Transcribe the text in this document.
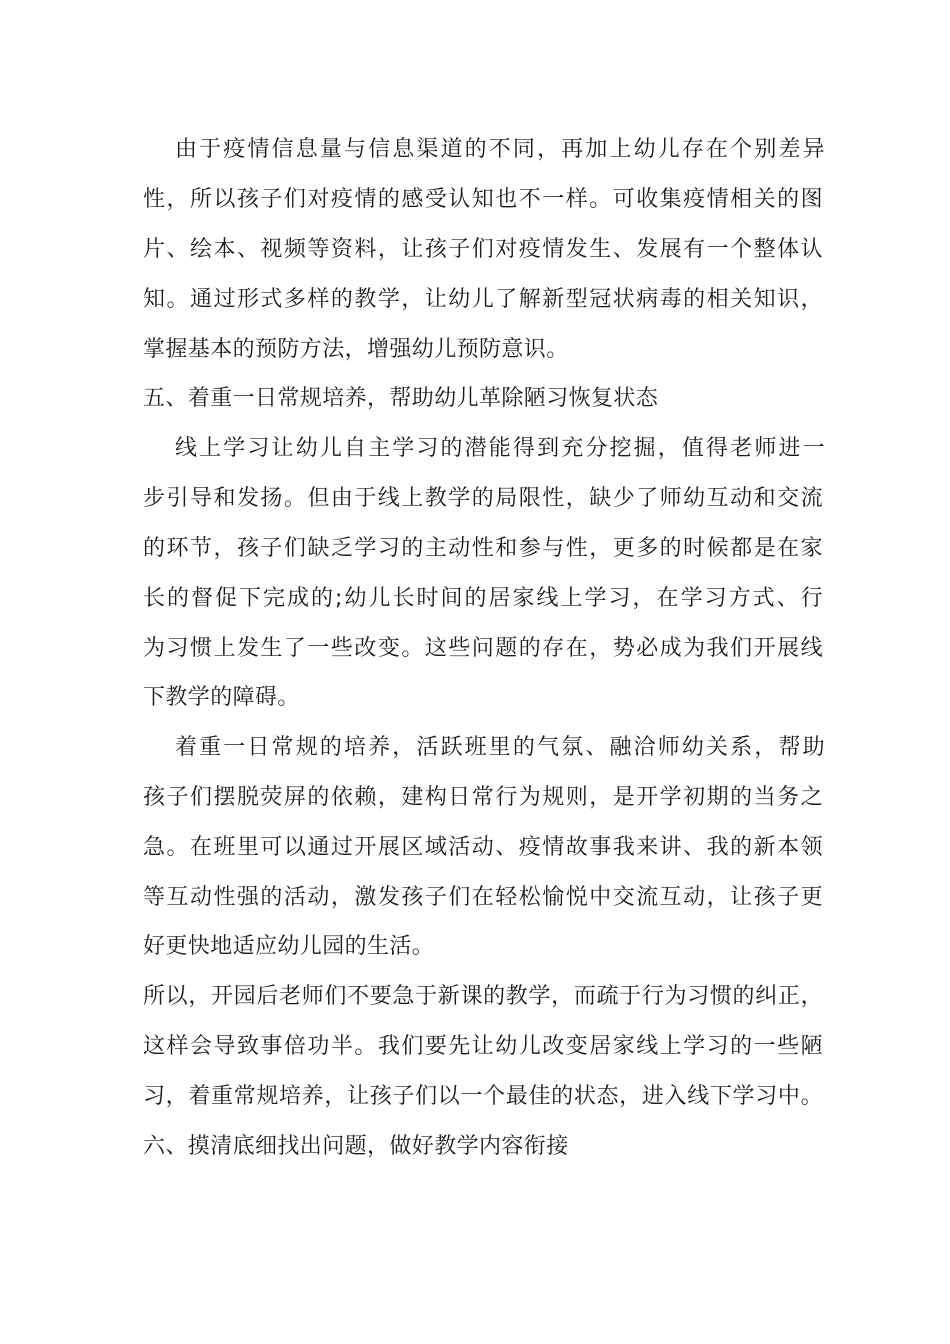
由于疫情信息量与信息渠道的不同，再加上幼儿存在个别差异
性，所以孩子们对疫情的感受认知也不一样。可收集疫情相关的图
片、绘本、视频等资料，让孩子们对疫情发生、发展有一个整体认
知。通过形式多样的教学，让幼儿了解新型冠状病毒的相关知识，
掌握基本的预防方法，增强幼儿预防意识。
五、着重一日常规培养，帮助幼儿革除陋习恢复状态
线上学习让幼儿自主学习的潜能得到充分挖掘，值得老师进一
步引导和发扬。但由于线上教学的局限性，缺少了师幼互动和交流
的环节，孩子们缺乏学习的主动性和参与性，更多的时候都是在家
长的督促下完成的;幼儿长时间的居家线上学习，在学习方式、行
为习惯上发生了一些改变。这些问题的存在，势必成为我们开展线
下教学的障碍。
着重一日常规的培养，活跃班里的气氛、融洽师幼关系，帮助
孩子们摆脱荧屏的依赖，建构日常行为规则，是开学初期的当务之
急。在班里可以通过开展区域活动、疫情故事我来讲、我的新本领
等互动性强的活动，激发孩子们在轻松愉悦中交流互动，让孩子更
好更快地适应幼儿园的生活。
所以，开园后老师们不要急于新课的教学，而疏于行为习惯的纠正，
这样会导致事倍功半。我们要先让幼儿改变居家线上学习的一些陋
习，着重常规培养，让孩子们以一个最佳的状态，进入线下学习中。
六、摸清底细找出问题，做好教学内容衔接
